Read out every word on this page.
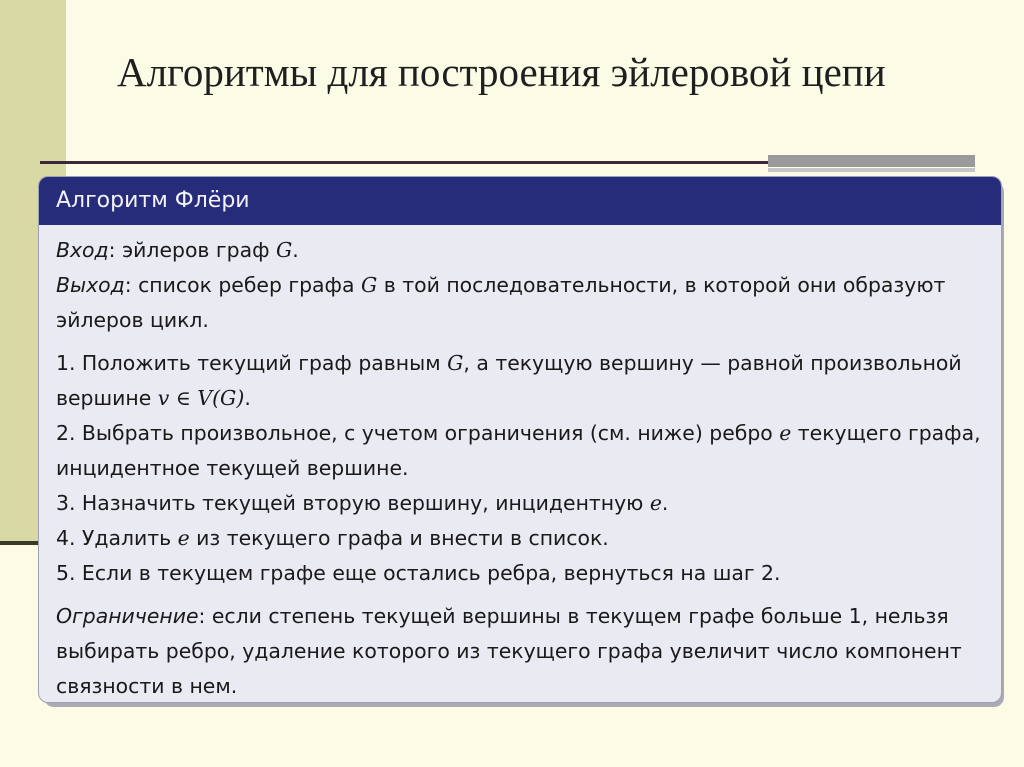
Алгоритмы для построения эйлеровой цепи
Алгоритм Флёри
Вход: эйлеров граф G.
Выход: список ребер графа G в той последовательности, в которой они образуют эйлеров цикл.
1. Положить текущий граф равным G, а текущую вершину — равной произвольной вершине v ∈ V(G).
2. Выбрать произвольное, с учетом ограничения (см. ниже) ребро e текущего графа, инцидентное текущей вершине.
3. Назначить текущей вторую вершину, инцидентную e.
4. Удалить e из текущего графа и внести в список.
5. Если в текущем графе еще остались ребра, вернуться на шаг 2.
Ограничение: если степень текущей вершины в текущем графе больше 1, нельзя выбирать ребро, удаление которого из текущего графа увеличит число компонент связности в нем.
